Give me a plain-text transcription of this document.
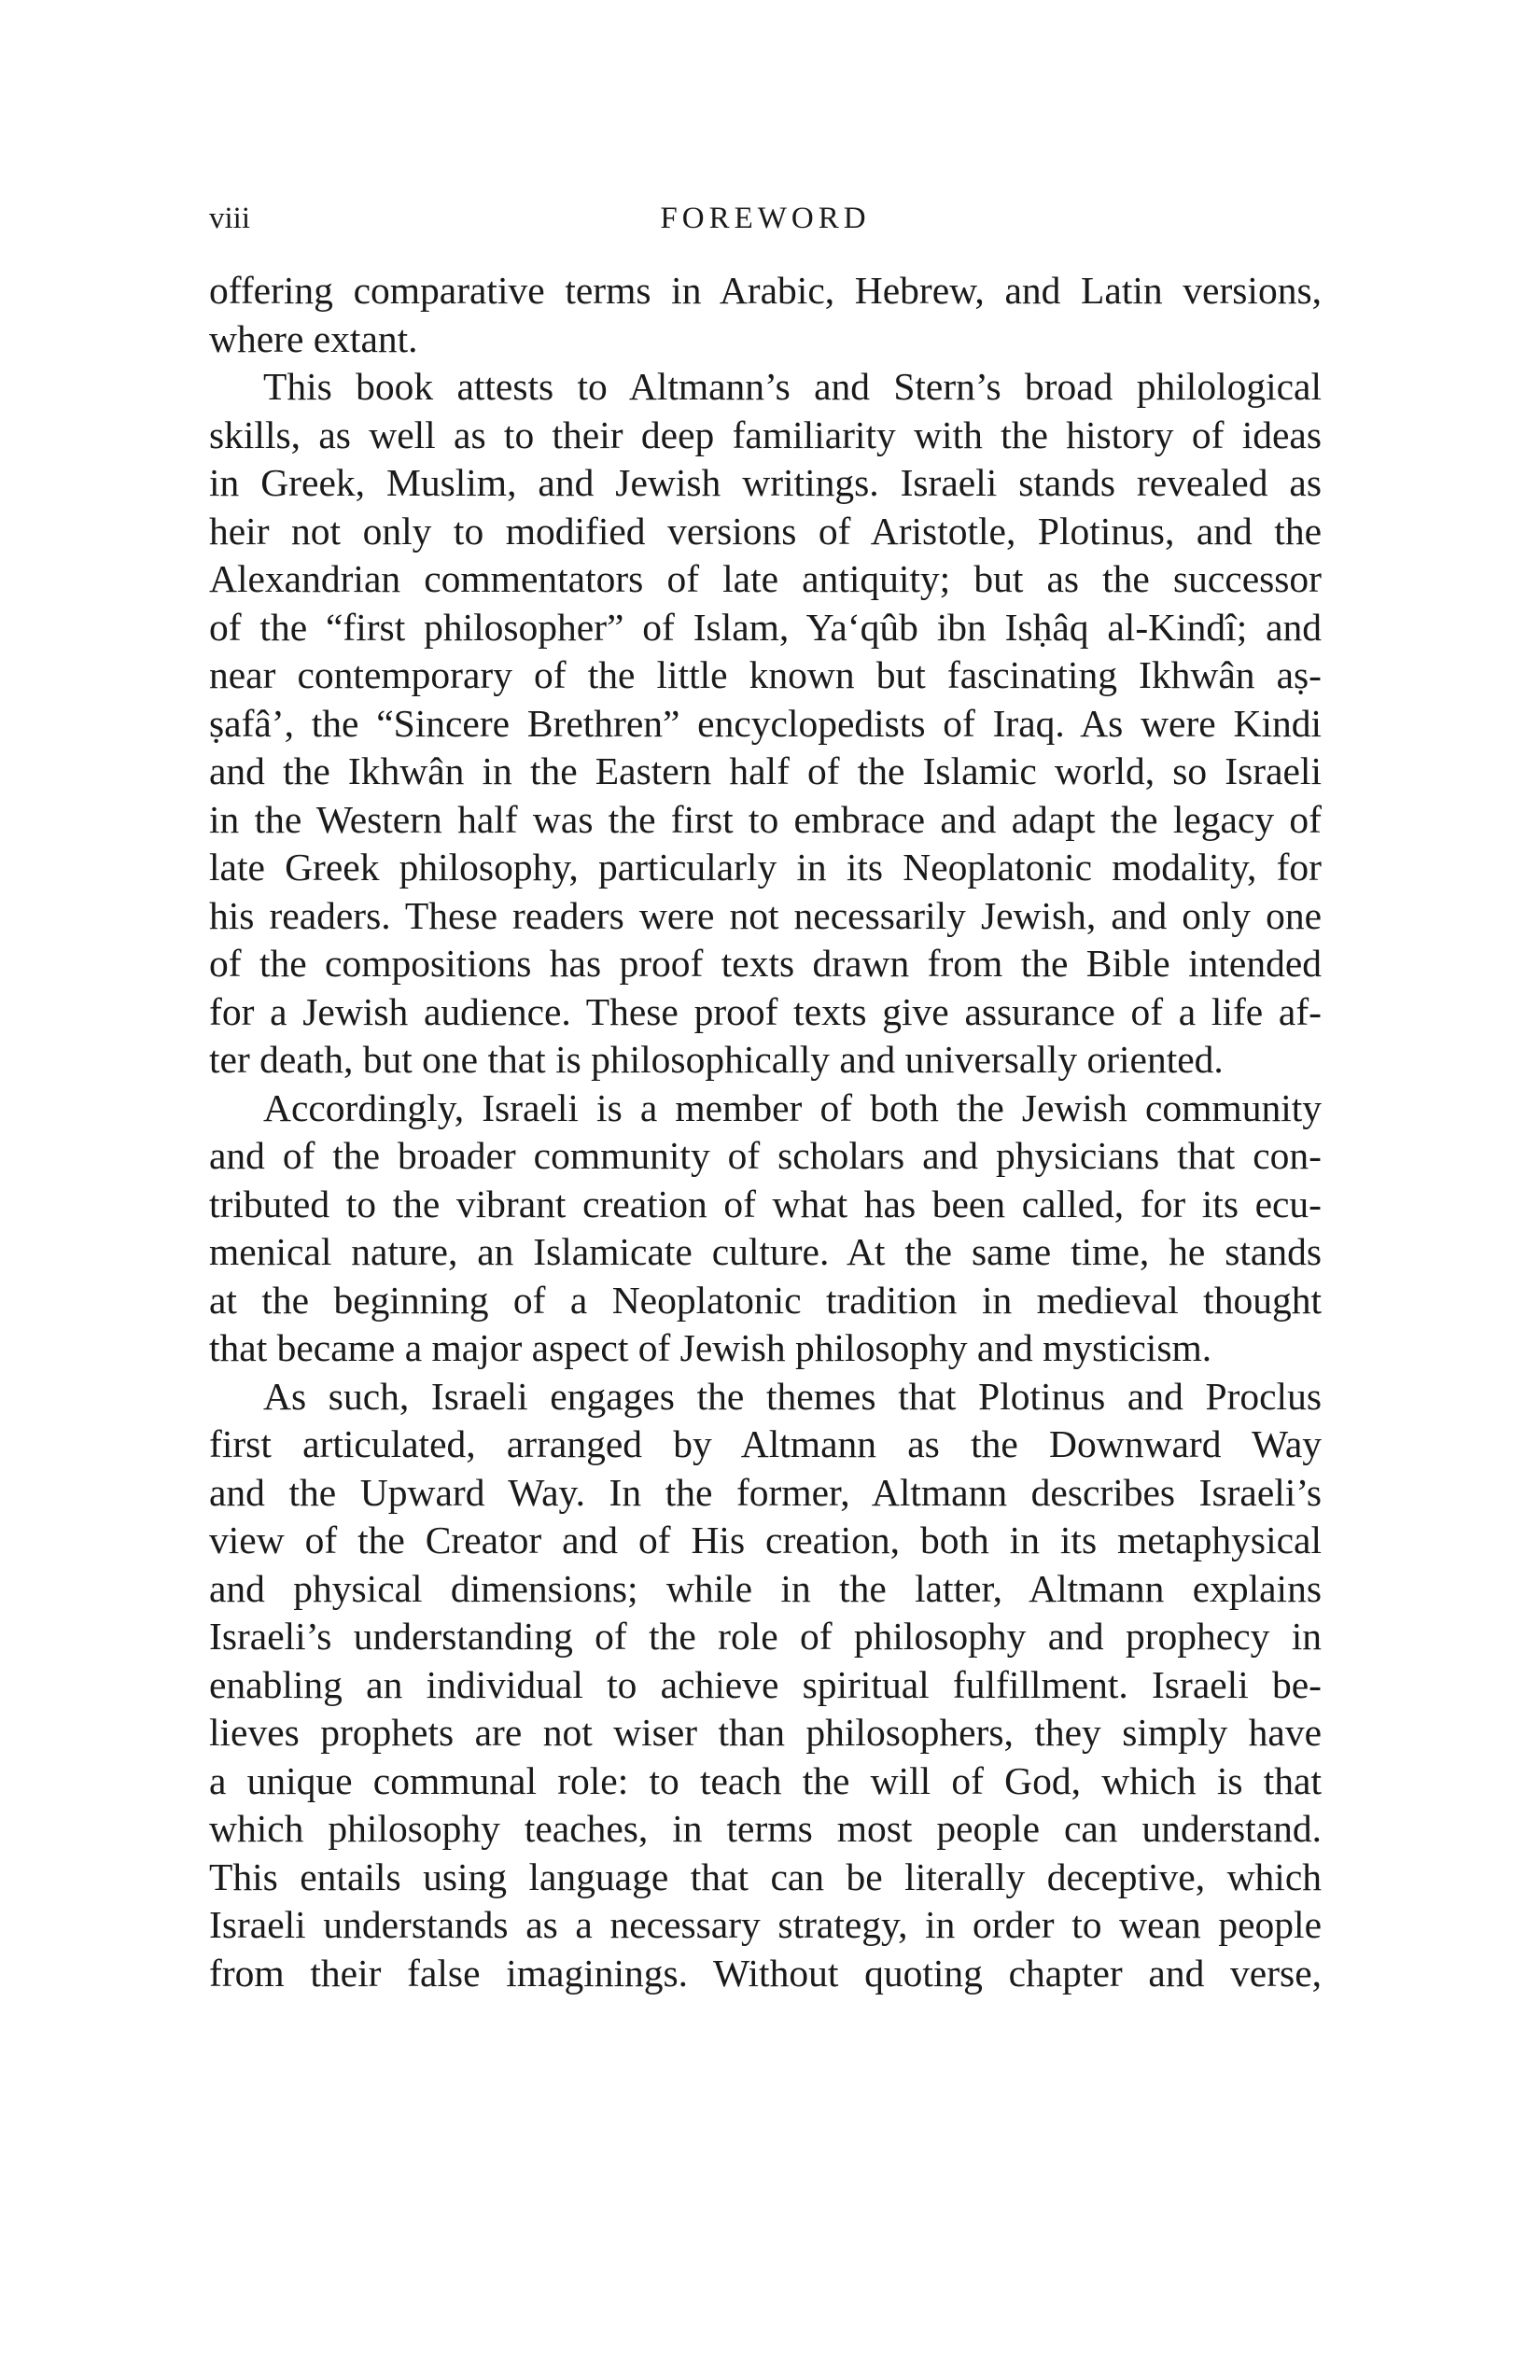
viii	FOREWORD
offering comparative terms in Arabic, Hebrew, and Latin versions,
where extant.
This book attests to Altmann’s and Stern’s broad philological
skills, as well as to their deep familiarity with the history of ideas
in Greek, Muslim, and Jewish writings. Israeli stands revealed as
heir not only to modified versions of Aristotle, Plotinus, and the
Alexandrian commentators of late antiquity; but as the successor
of the “first philosopher” of Islam, Ya‘qûb ibn Isḥâq al-Kindî; and
near contemporary of the little known but fascinating Ikhwân aṣ-
ṣafâ’, the “Sincere Brethren” encyclopedists of Iraq. As were Kindi
and the Ikhwân in the Eastern half of the Islamic world, so Israeli
in the Western half was the first to embrace and adapt the legacy of
late Greek philosophy, particularly in its Neoplatonic modality, for
his readers. These readers were not necessarily Jewish, and only one
of the compositions has proof texts drawn from the Bible intended
for a Jewish audience. These proof texts give assurance of a life af-
ter death, but one that is philosophically and universally oriented.
Accordingly, Israeli is a member of both the Jewish community
and of the broader community of scholars and physicians that con-
tributed to the vibrant creation of what has been called, for its ecu-
menical nature, an Islamicate culture. At the same time, he stands
at the beginning of a Neoplatonic tradition in medieval thought
that became a major aspect of Jewish philosophy and mysticism.
As such, Israeli engages the themes that Plotinus and Proclus
first articulated, arranged by Altmann as the Downward Way
and the Upward Way. In the former, Altmann describes Israeli’s
view of the Creator and of His creation, both in its metaphysical
and physical dimensions; while in the latter, Altmann explains
Israeli’s understanding of the role of philosophy and prophecy in
enabling an individual to achieve spiritual fulfillment. Israeli be-
lieves prophets are not wiser than philosophers, they simply have
a unique communal role: to teach the will of God, which is that
which philosophy teaches, in terms most people can understand.
This entails using language that can be literally deceptive, which
Israeli understands as a necessary strategy, in order to wean people
from their false imaginings. Without quoting chapter and verse,
